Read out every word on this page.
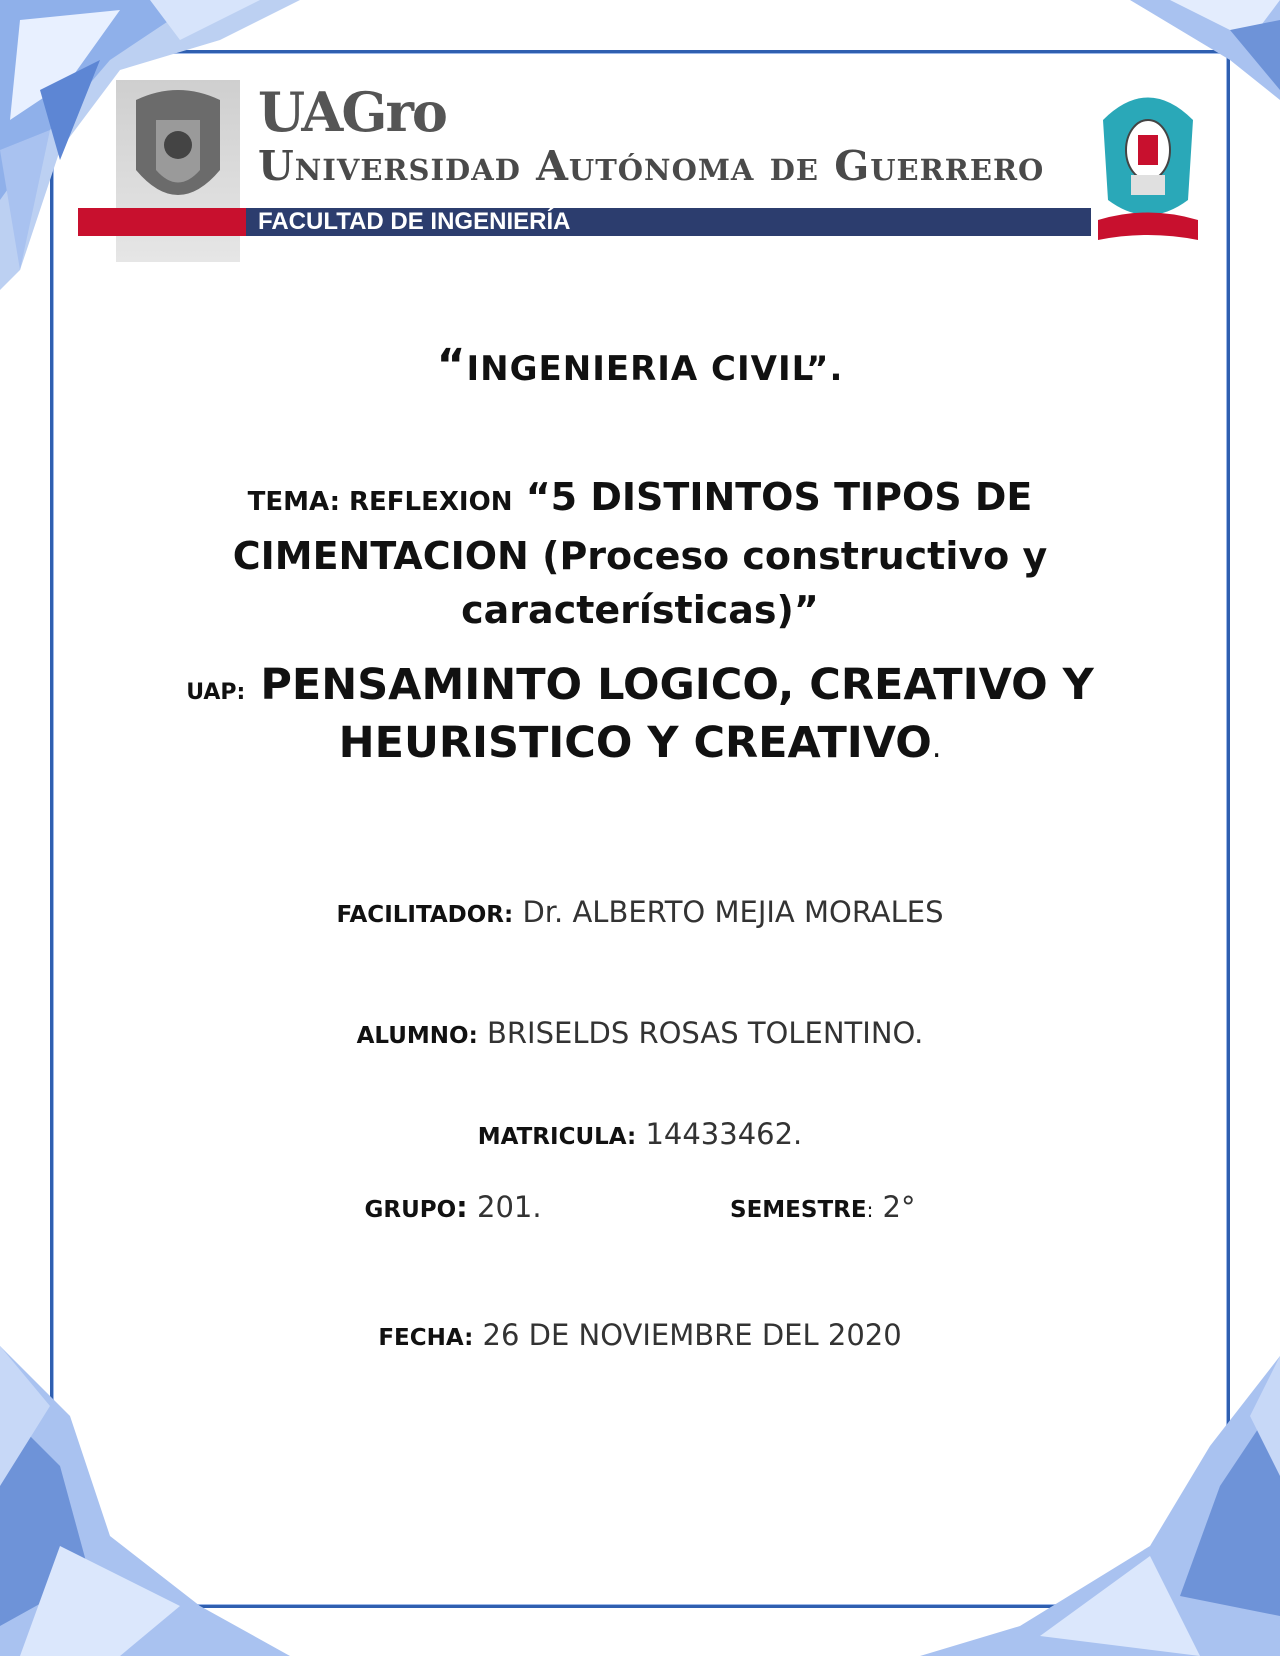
UAGro
Universidad Autónoma de Guerrero
FACULTAD DE INGENIERÍA
“INGENIERIA CIVIL”.
TEMA: REFLEXION “5 DISTINTOS TIPOS DE CIMENTACION (Proceso constructivo y características)”
UAP: PENSAMINTO LOGICO, CREATIVO Y HEURISTICO Y CREATIVO.
FACILITADOR: Dr. ALBERTO MEJIA MORALES
ALUMNO: BRISELDS ROSAS TOLENTINO.
MATRICULA: 14433462.
GRUPO: 201.	SEMESTRE: 2°
FECHA: 26 DE NOVIEMBRE DEL 2020
